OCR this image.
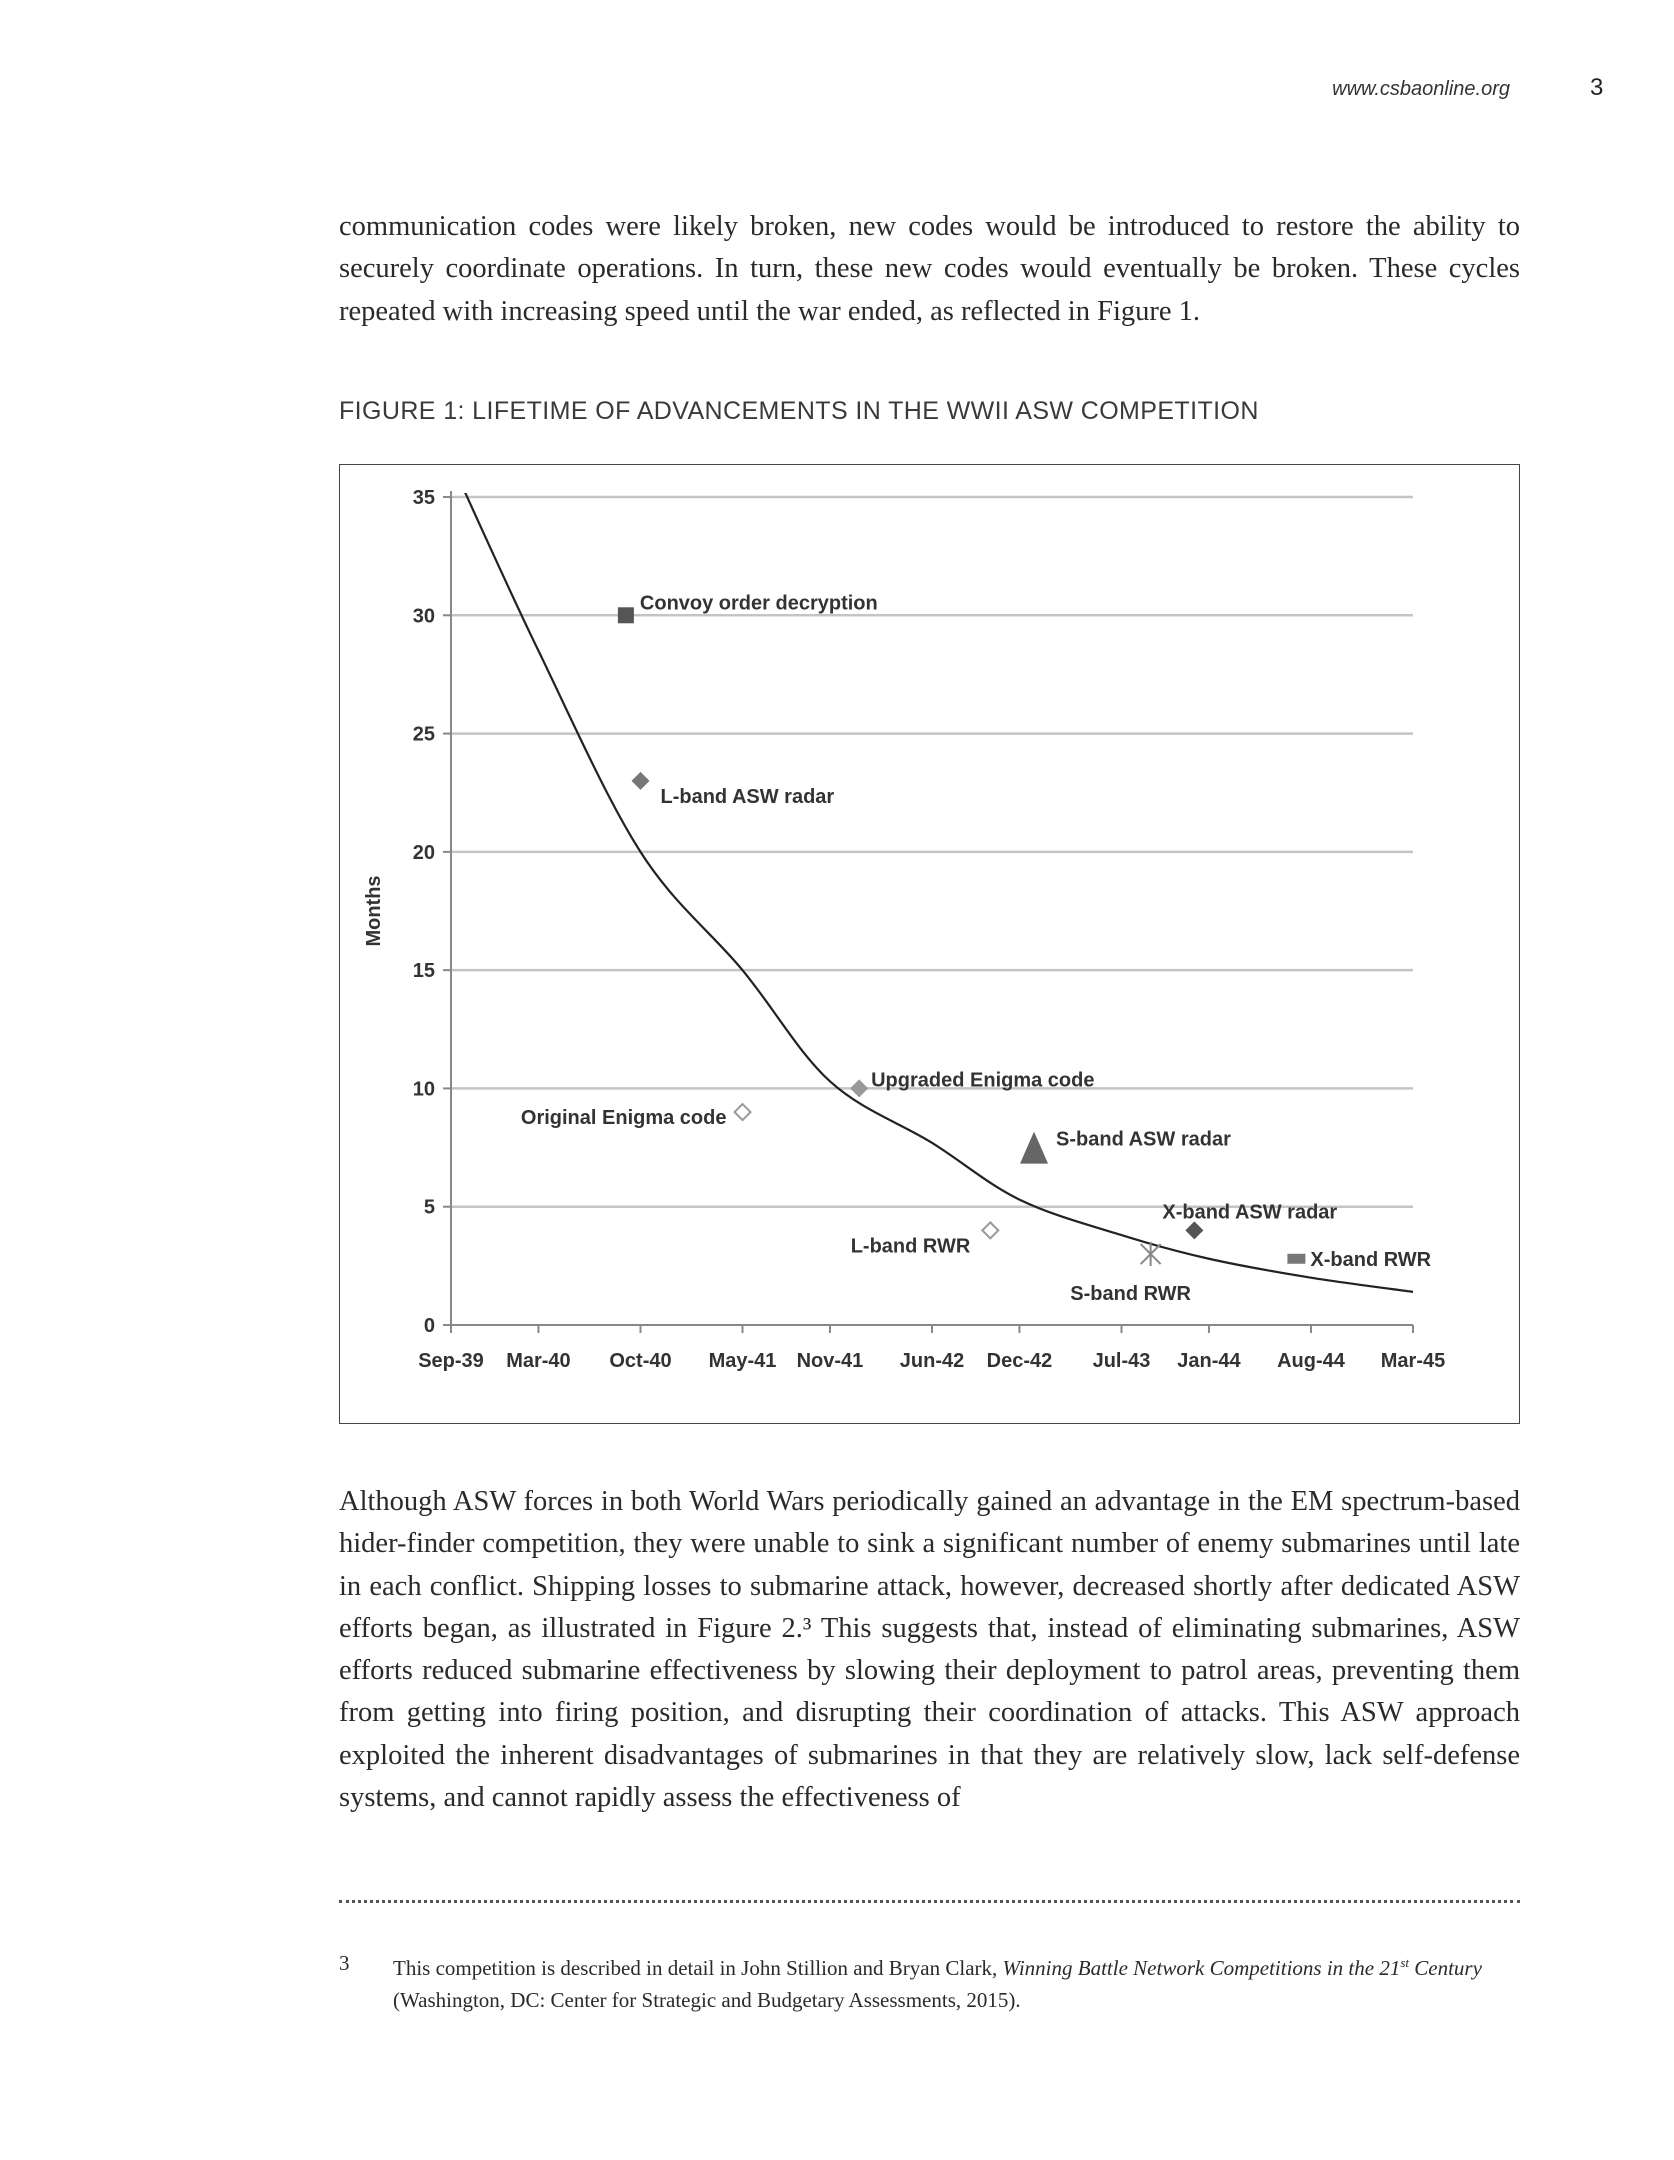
www.csbaonline.org	3

communication codes were likely broken, new codes would be introduced to restore the ability to securely coordinate operations. In turn, these new codes would eventually be broken. These cycles repeated with increasing speed until the war ended, as reflected in Figure 1.

FIGURE 1: LIFETIME OF ADVANCEMENTS IN THE WWII ASW COMPETITION
0
5
10
15
20
25
30
35
Sep-39 Mar-40 Oct-40 May-41 Nov-41 Jun-42 Dec-42 Jul-43 Jan-44 Aug-44 Mar-45
Months
Convoy order decryption
L-band ASW radar
Original Enigma code
Upgraded Enigma code
S-band ASW radar
L-band RWR
S-band RWR
X-band ASW radar
X-band RWR

Although ASW forces in both World Wars periodically gained an advantage in the EM spectrum-based hider-finder competition, they were unable to sink a significant number of enemy submarines until late in each conflict. Shipping losses to submarine attack, however, decreased shortly after dedicated ASW efforts began, as illustrated in Figure 2.³ This suggests that, instead of eliminating submarines, ASW efforts reduced submarine effectiveness by slowing their deployment to patrol areas, preventing them from getting into firing position, and disrupting their coordination of attacks. This ASW approach exploited the inherent disadvantages of submarines in that they are relatively slow, lack self-defense systems, and cannot rapidly assess the effectiveness of

3 This competition is described in detail in John Stillion and Bryan Clark, Winning Battle Network Competitions in the 21st Century (Washington, DC: Center for Strategic and Budgetary Assessments, 2015).
